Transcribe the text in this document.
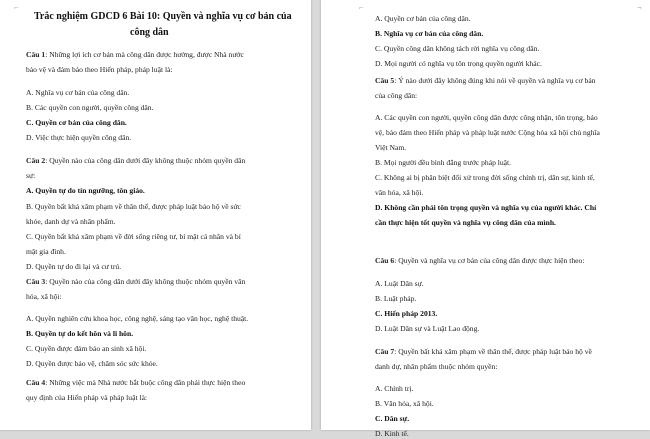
Trắc nghiệm GDCD 6 Bài 10: Quyền và nghĩa vụ cơ bản của
công dân
Câu 1: Những lợi ích cơ bản mà công dân được hưởng, được Nhà nước
bảo vệ và đảm bảo theo Hiến pháp, pháp luật là:
A. Nghĩa vụ cơ bản của công dân.
B. Các quyền con người, quyền công dân.
C. Quyền cơ bản của công dân.
D. Việc thực hiện quyền công dân.
Câu 2: Quyền nào của công dân dưới đây không thuộc nhóm quyền dân
sự:
A. Quyền tự do tín ngưỡng, tôn giáo.
B. Quyền bất khả xâm phạm về thân thể, được pháp luật bảo hộ về sức
khỏe, danh dự và nhân phẩm.
C. Quyền bất khả xâm phạm về đời sống riêng tư, bí mật cá nhân và bí
mật gia đình.
D. Quyền tự do đi lại và cư trú.
Câu 3: Quyền nào của công dân dưới đây không thuộc nhóm quyền văn
hóa, xã hội:
A. Quyền nghiên cứu khoa học, công nghệ, sáng tạo văn học, nghệ thuật.
B. Quyền tự do kết hôn và li hôn.
C. Quyền được đảm bảo an sinh xã hội.
D. Quyền được bảo vệ, chăm sóc sức khỏe.
Câu 4: Những việc mà Nhà nước bắt buộc công dân phải thực hiện theo
quy định của Hiến pháp và pháp luật là:
⌐
A. Quyền cơ bản của công dân.
B. Nghĩa vụ cơ bản của công dân.
C. Quyền công dân không tách rời nghĩa vụ công dân.
D. Mọi người có nghĩa vụ tôn trọng quyền người khác.
Câu 5: Ý nào dưới đây không đúng khi nói về quyền và nghĩa vụ cơ bản
của công dân:
A. Các quyền con người, quyền công dân được công nhận, tôn trọng, bảo
vệ, bảo đảm theo Hiến pháp và pháp luật nước Cộng hòa xã hội chủ nghĩa
Việt Nam.
B. Mọi người đều bình đẳng trước pháp luật.
C. Không ai bị phân biệt đối xử trong đời sống chính trị, dân sự, kinh tế,
văn hóa, xã hội.
D. Không cần phải tôn trọng quyền và nghĩa vụ của người khác. Chỉ
cần thực hiện tốt quyền và nghĩa vụ công dân của mình.
Câu 6: Quyền và nghĩa vụ cơ bản của công dân được thực hiện theo:
A. Luật Dân sự.
B. Luật pháp.
C. Hiến pháp 2013.
D. Luật Dân sự và Luật Lao động.
Câu 7: Quyền bất khả xâm phạm về thân thể, được pháp luật bảo hộ về
danh dự, nhân phẩm thuộc nhóm quyền:
A. Chính trị.
B. Văn hóa, xã hội.
C. Dân sự.
D. Kinh tế.
⌐	¬
